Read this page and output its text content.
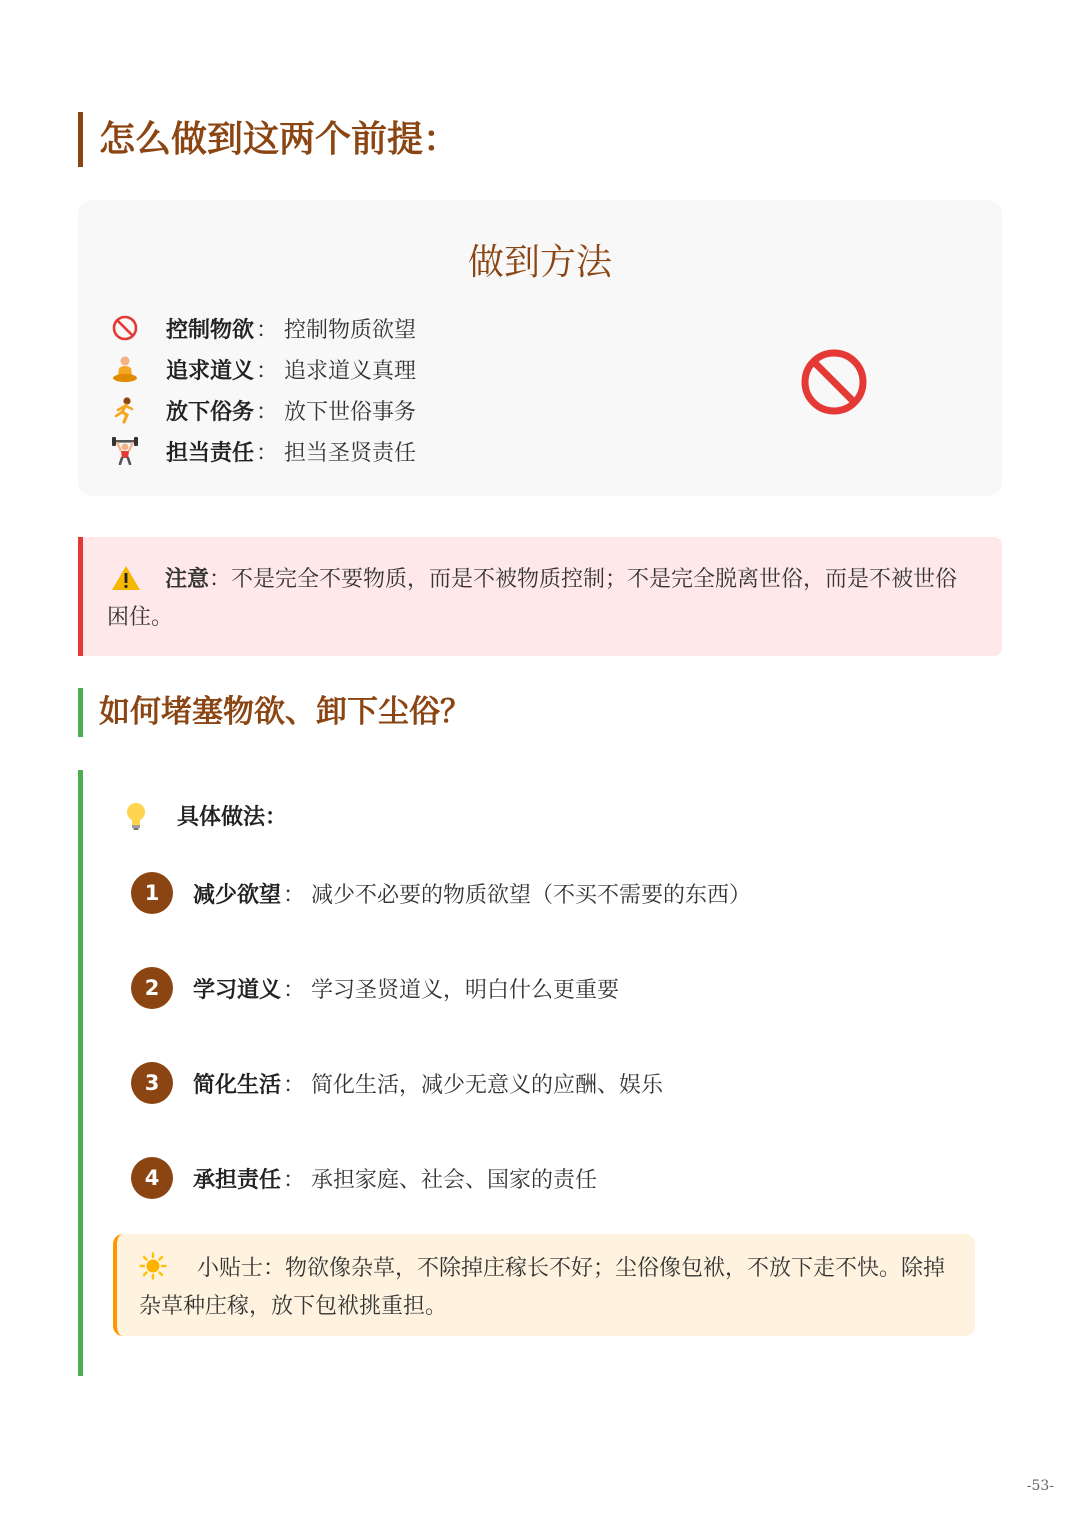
怎么做到这两个前提：
做到方法
控制物欲 ： 控制物质欲望
追求道义 ： 追求道义真理
放下俗务 ： 放下世俗事务
担当责任 ： 担当圣贤责任
注意：不是完全不要物质，而是不被物质控制；不是完全脱离世俗，而是不被世俗困住。
如何堵塞物欲、卸下尘俗？
具体做法：
1	减少欲望 ： 减少不必要的物质欲望（不买不需要的东西）
2	学习道义 ： 学习圣贤道义，明白什么更重要
3	简化生活 ： 简化生活，减少无意义的应酬、娱乐
4	承担责任 ： 承担家庭、社会、国家的责任
小贴士：物欲像杂草，不除掉庄稼长不好；尘俗像包袱，不放下走不快。除掉杂草种庄稼，放下包袱挑重担。
-53-
